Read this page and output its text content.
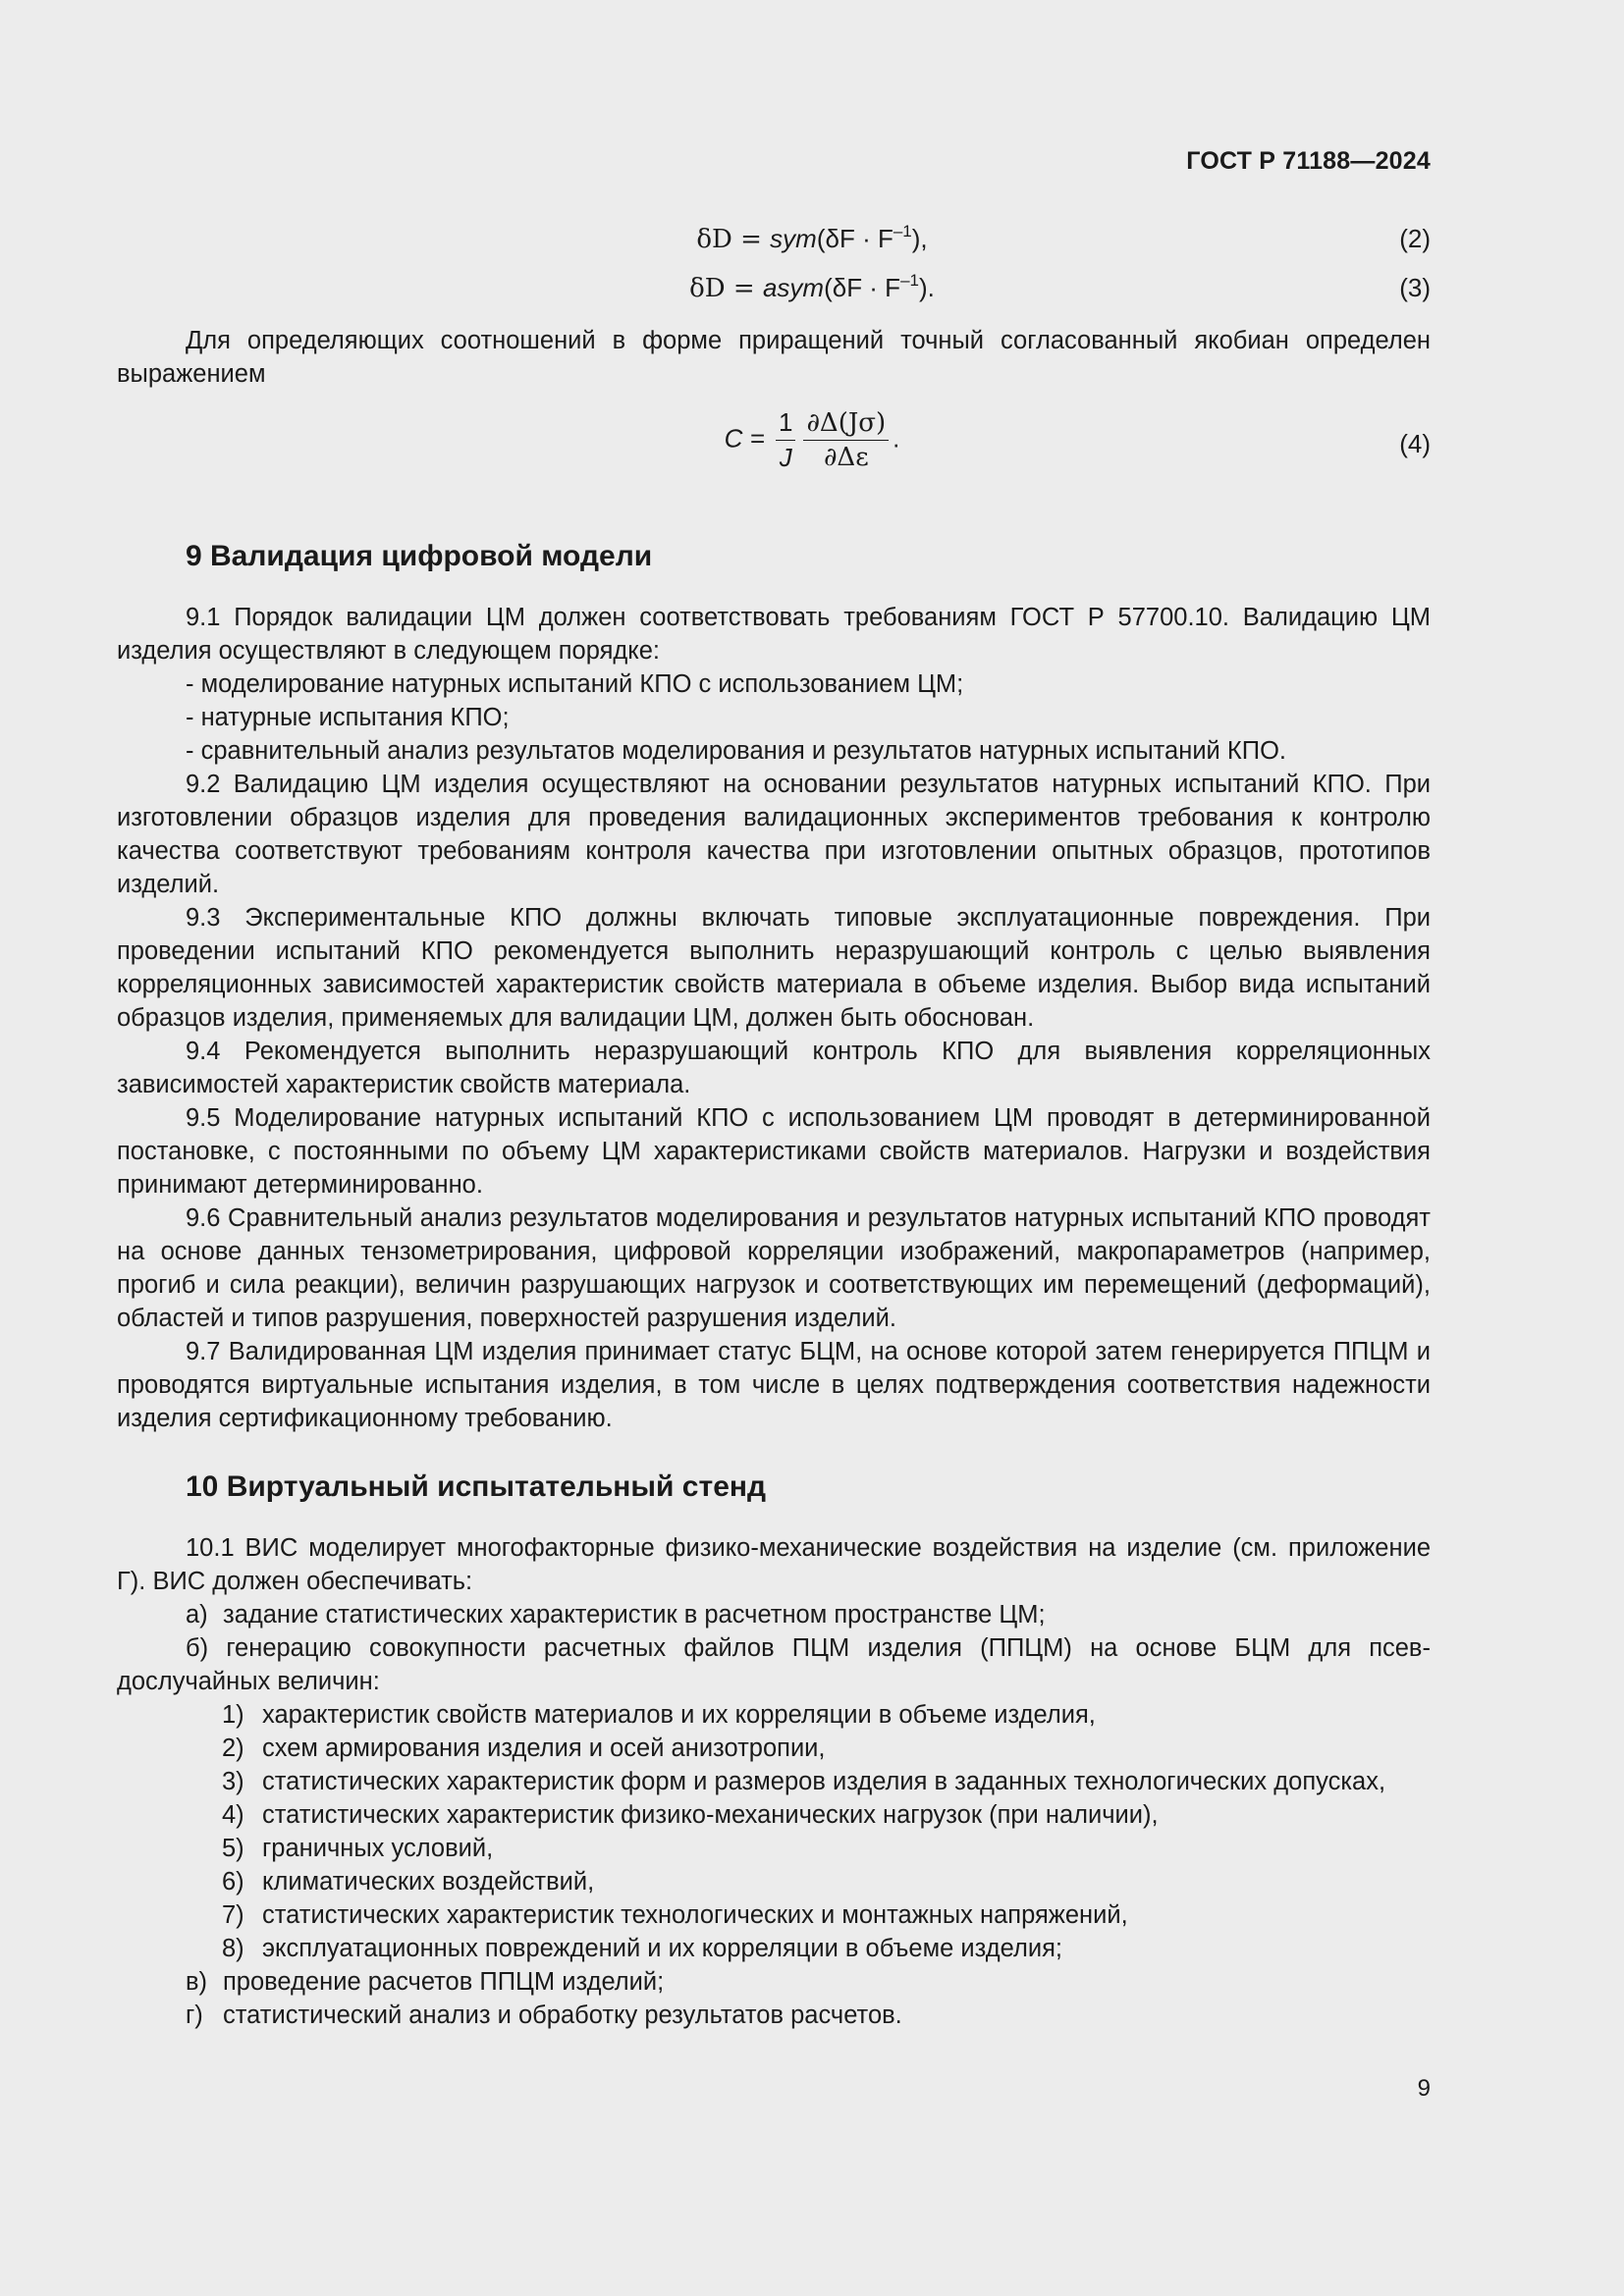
ГОСТ Р 71188—2024
$\delta D = sym(\delta F \cdot F^{-1})$,	(2)
δD = asym(δF · $F^{-1}$).	(3)

Для определяющих соотношений в форме приращений точный согласованный якобиан определен выражением

$C = \frac{1}{J} \frac{\partial\Delta(J\sigma)}{\partial\Delta\varepsilon}$ .	(4)
9 Валидация цифровой модели

9.1 Порядок валидации ЦМ должен соответствовать требованиям ГОСТ Р 57700.10. Валидацию ЦМ изделия осуществляют в следующем порядке:

- моделирование натурных испытаний КПО с использованием ЦМ;

- натурные испытания КПО;

- сравнительный анализ результатов моделирования и результатов натурных испытаний КПО.

9.2 Валидацию ЦМ изделия осуществляют на основании результатов натурных испытаний КПО. При изготовлении образцов изделия для проведения валидационных экспериментов требования к контролю качества соответствуют требованиям контроля качества при изготовлении опытных образцов, прототипов изделий.

9.3 Экспериментальные КПО должны включать типовые эксплуатационные повреждения. При проведении испытаний КПО рекомендуется выполнить неразрушающий контроль с целью выявления корреляционных зависимостей характеристик свойств материала в объеме изделия. Выбор вида испытаний образцов изделия, применяемых для валидации ЦМ, должен быть обоснован.

9.4 Рекомендуется выполнить неразрушающий контроль КПО для выявления корреляционных зависимостей характеристик свойств материала.

9.5 Моделирование натурных испытаний КПО с использованием ЦМ проводят в детерминированной постановке, с постоянными по объему ЦМ характеристиками свойств материалов. Нагрузки и воздействия принимают детерминированно.

9.6 Сравнительный анализ результатов моделирования и результатов натурных испытаний КПО проводят на основе данных тензометрирования, цифровой корреляции изображений, макропараметров (например, прогиб и сила реакции), величин разрушающих нагрузок и соответствующих им перемещений (деформаций), областей и типов разрушения, поверхностей разрушения изделий.

9.7 Валидированная ЦМ изделия принимает статус БЦМ, на основе которой затем генерируется ППЦМ и проводятся виртуальные испытания изделия, в том числе в целях подтверждения соответствия надежности изделия сертификационному требованию.

10 Виртуальный испытательный стенд

10.1 ВИС моделирует многофакторные физико-механические воздействия на изделие (см. приложение Г). ВИС должен обеспечивать:

а) задание статистических характеристик в расчетном пространстве ЦМ;

б) генерацию совокупности расчетных файлов ПЦМ изделия (ППЦМ) на основе БЦМ для псевдослучайных величин:

1) характеристик свойств материалов и их корреляции в объеме изделия,

2) схем армирования изделия и осей анизотропии,

3) статистических характеристик форм и размеров изделия в заданных технологических допусках,

4) статистических характеристик физико-механических нагрузок (при наличии),

5) граничных условий,

6) климатических воздействий,

7) статистических характеристик технологических и монтажных напряжений,

8) эксплуатационных повреждений и их корреляции в объеме изделия;

в) проведение расчетов ППЦМ изделий;

г) статистический анализ и обработку результатов расчетов.

9
